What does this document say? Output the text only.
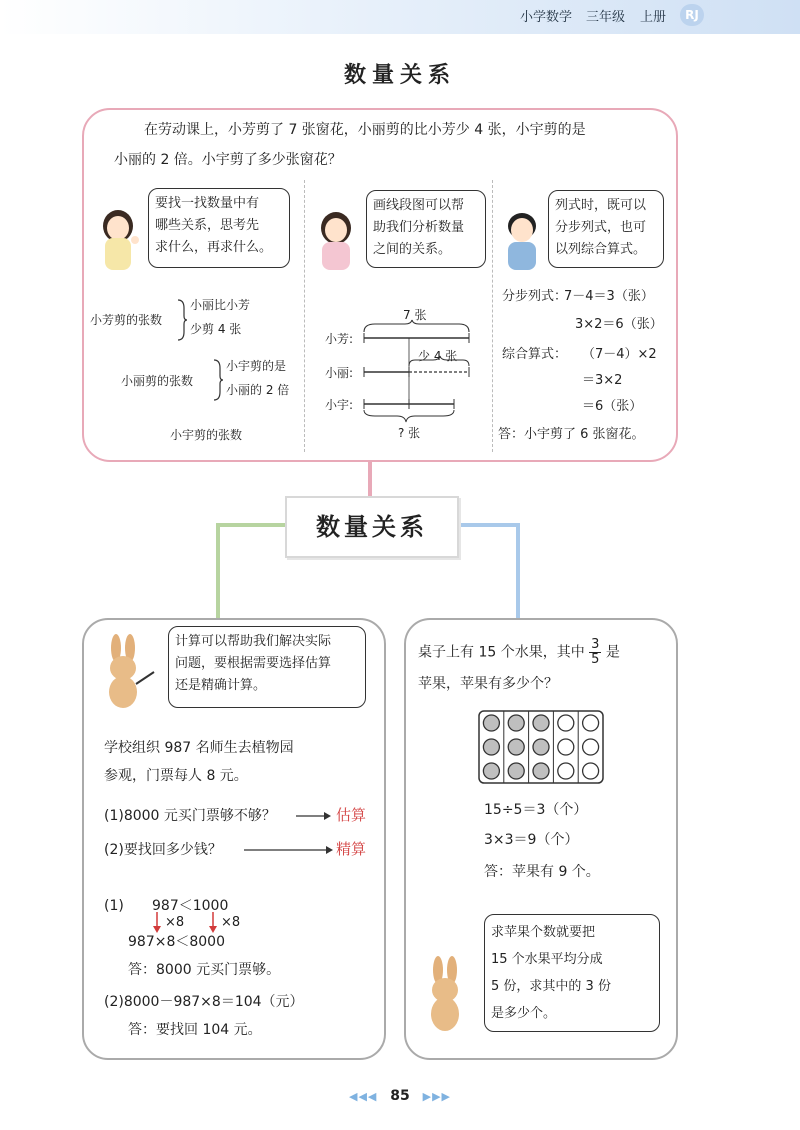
小学数学 三年级 上册	RJ
数量关系
在劳动课上，小芳剪了 7 张窗花，小丽剪的比小芳少 4 张，小宇剪的是
小丽的 2 倍。小宇剪了多少张窗花？
要找一找数量中有
哪些关系，思考先
求什么，再求什么。
小芳剪的张数
小丽比小芳
少剪 4 张
小丽剪的张数
小宇剪的是
小丽的 2 倍
小宇剪的张数
画线段图可以帮
助我们分析数量
之间的关系。
7 张
小芳:
少 4 张
小丽:
小宇:
? 张
列式时，既可以
分步列式，也可
以列综合算式。
分步列式：
7－4＝3（张）
3×2＝6（张）
综合算式： （7－4）×2
＝3×2
＝6（张）
答：小宇剪了 6 张窗花。
数量关系
计算可以帮助我们解决实际
问题，要根据需要选择估算
还是精确计算。
学校组织 987 名师生去植物园
参观，门票每人 8 元。
(1)8000 元买门票够不够？	估算
(2)要找回多少钱？	精算
(1) 987＜1000
×8	×8
987×8＜8000
答：8000 元买门票够。
(2)8000－987×8＝104（元）
答：要找回 104 元。
桌子上有 15 个水果，其中 $\frac{3}{5}$ 是
苹果，苹果有多少个？
15÷5＝3（个）
3×3＝9（个）
答：苹果有 9 个。
求苹果个数就要把
15 个水果平均分成
5 份，求其中的 3 份
是多少个。
◀◀◀ 85 ▶▶▶
